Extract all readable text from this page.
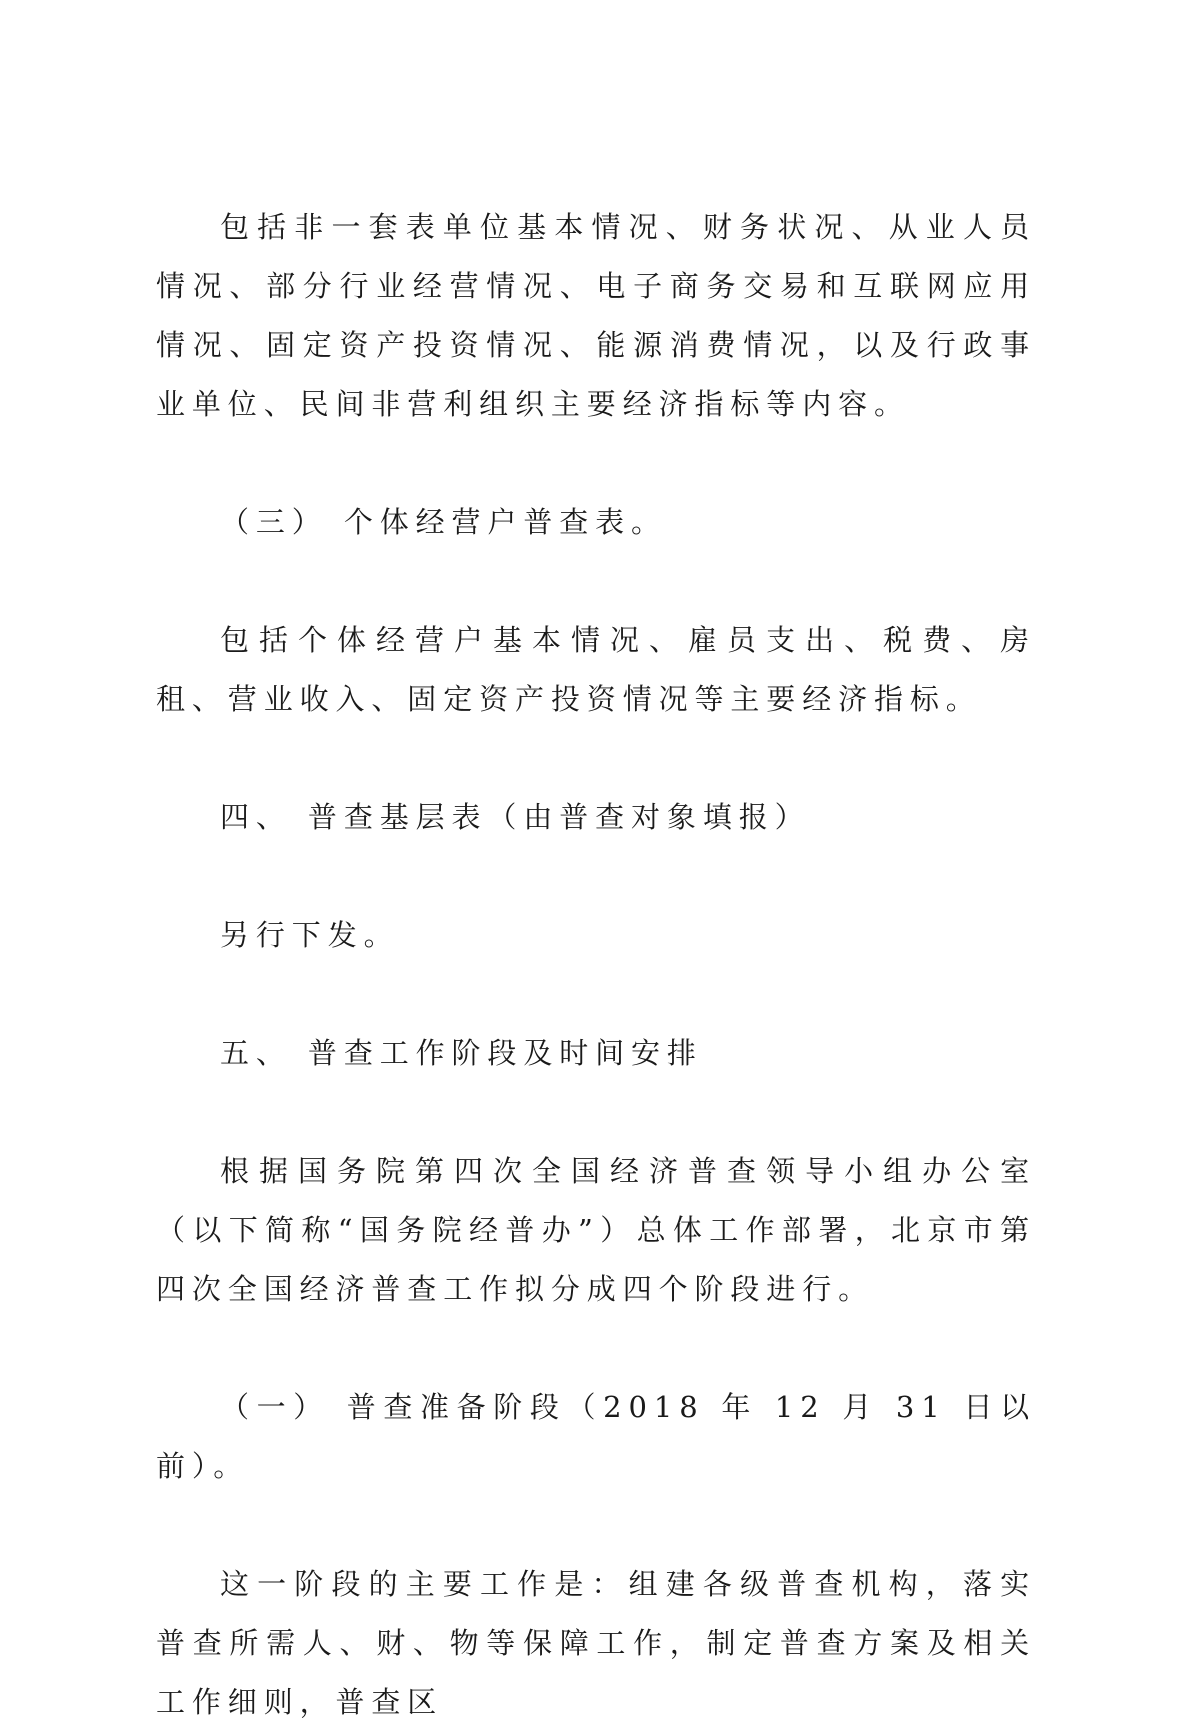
包括非一套表单位基本情况、财务状况、从业人员情况、部分行业经营情况、电子商务交易和互联网应用情况、固定资产投资情况、能源消费情况，以及行政事业单位、民间非营利组织主要经济指标等内容。

（三） 个体经营户普查表。

包括个体经营户基本情况、雇员支出、税费、房租、营业收入、固定资产投资情况等主要经济指标。

四、 普查基层表（由普查对象填报）

另行下发。

五、 普查工作阶段及时间安排

根据国务院第四次全国经济普查领导小组办公室（以下简称“国务院经普办”）总体工作部署，北京市第四次全国经济普查工作拟分成四个阶段进行。

（一） 普查准备阶段（2018 年 12 月 31 日以前）。

这一阶段的主要工作是：组建各级普查机构，落实普查所需人、财、物等保障工作，制定普查方案及相关工作细则，普查区
